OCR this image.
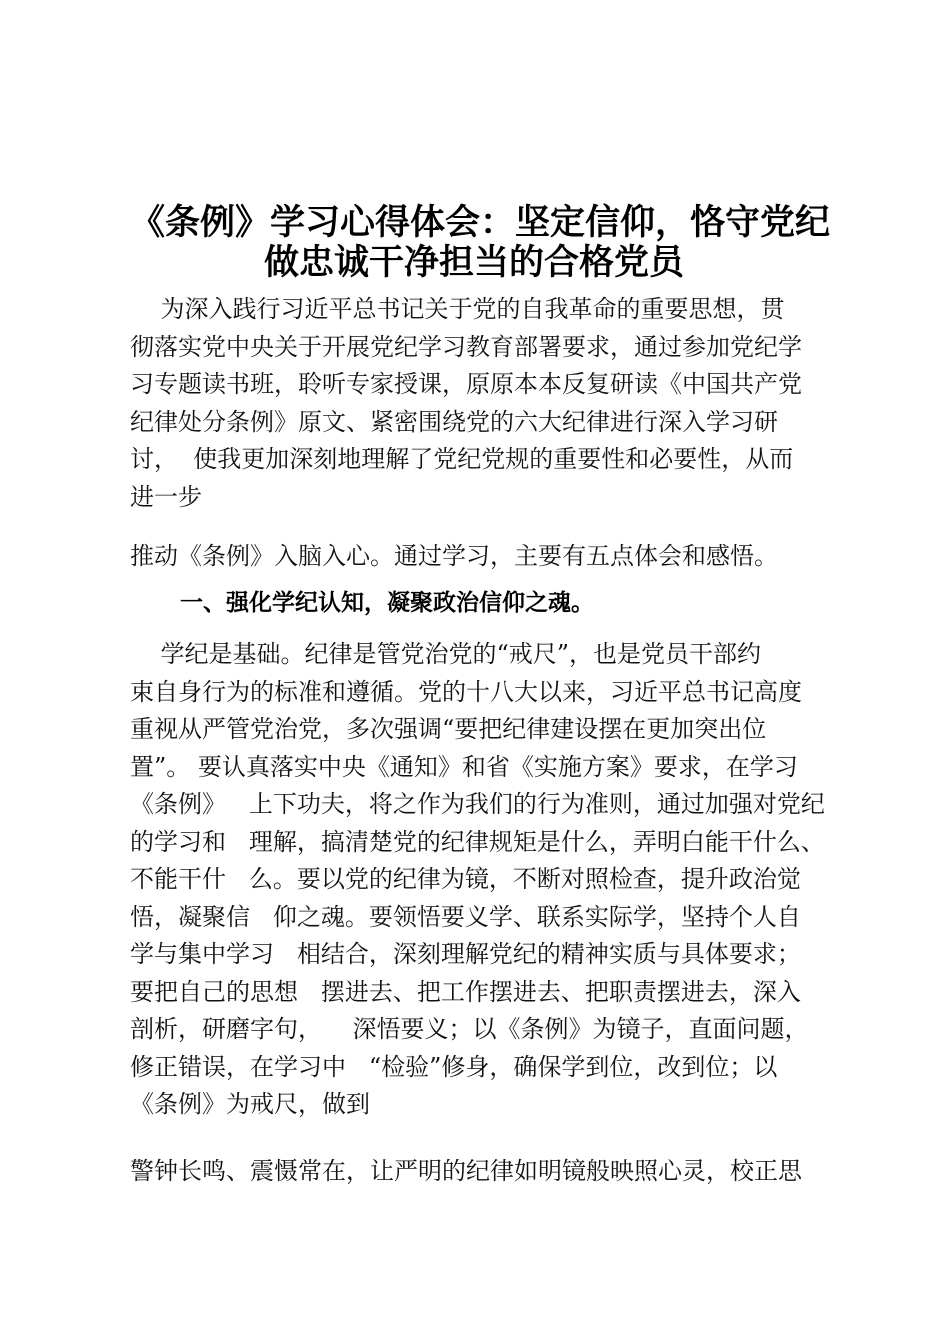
《条例》学习心得体会：坚定信仰，恪守党纪
做忠诚干净担当的合格党员
为深入践行习近平总书记关于党的自我革命的重要思想，贯
彻落实党中央关于开展党纪学习教育部署要求，通过参加党纪学
习专题读书班，聆听专家授课，原原本本反复研读《中国共产党
纪律处分条例》原文、紧密围绕党的六大纪律进行深入学习研
讨，  使我更加深刻地理解了党纪党规的重要性和必要性，从而
进一步
推动《条例》入脑入心。通过学习，主要有五点体会和感悟。
一、强化学纪认知，凝聚政治信仰之魂。
学纪是基础。纪律是管党治党的“戒尺”，也是党员干部约
束自身行为的标准和遵循。党的十八大以来，习近平总书记高度
重视从严管党治党，多次强调“要把纪律建设摆在更加突出位
置”。 要认真落实中央《通知》和省《实施方案》要求，在学习
《条例》   上下功夫，将之作为我们的行为准则，通过加强对党纪
的学习和   理解，搞清楚党的纪律规矩是什么，弄明白能干什么、
不能干什   么。要以党的纪律为镜，不断对照检查，提升政治觉
悟，凝聚信   仰之魂。要领悟要义学、联系实际学，坚持个人自
学与集中学习   相结合，深刻理解党纪的精神实质与具体要求；
要把自己的思想   摆进去、把工作摆进去、把职责摆进去，深入
剖析，研磨字句，    深悟要义；以《条例》为镜子，直面问题，
修正错误，在学习中   “检验”修身，确保学到位，改到位；以
《条例》为戒尺，做到
警钟长鸣、震慑常在，让严明的纪律如明镜般映照心灵，校正思
